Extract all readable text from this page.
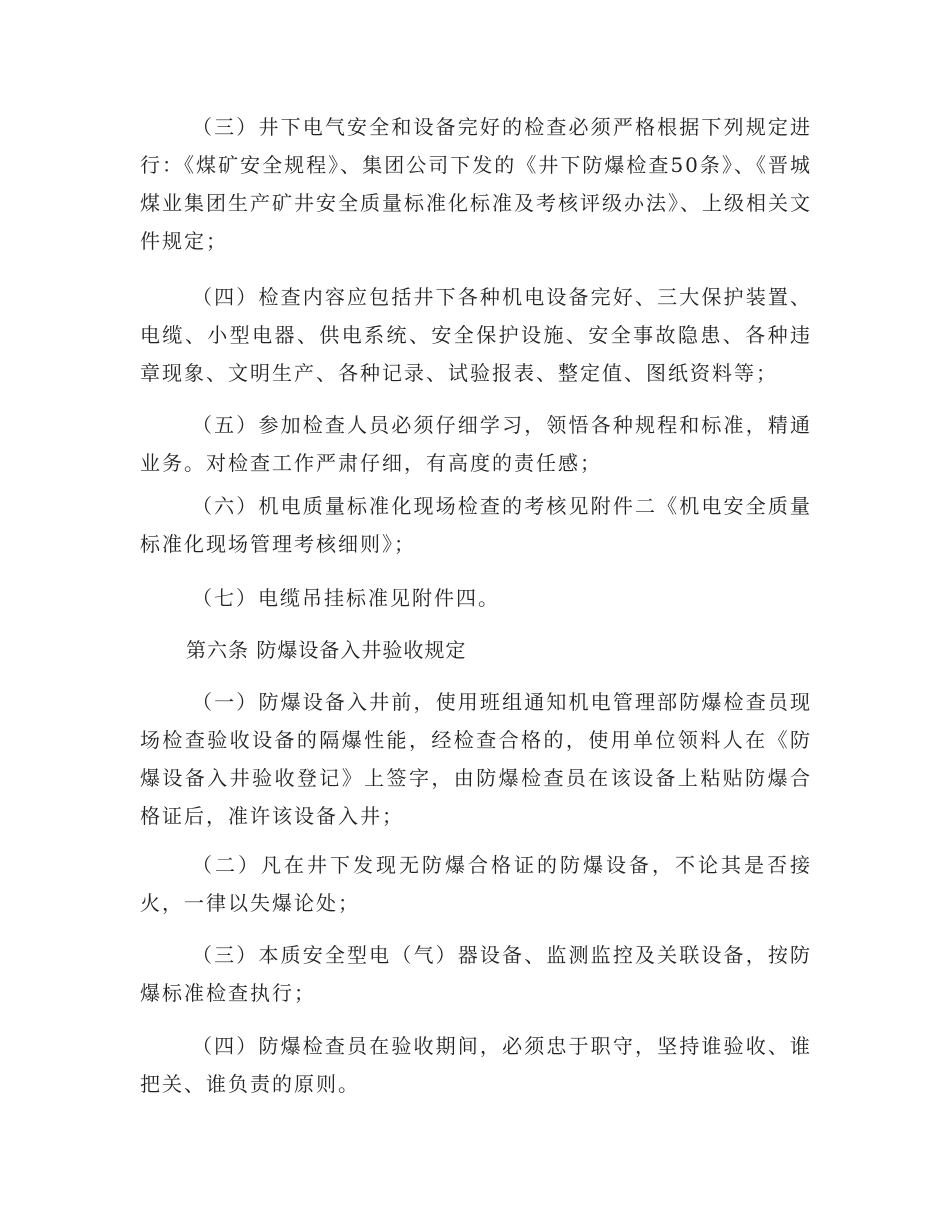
（三）井下电气安全和设备完好的检查必须严格根据下列规定进行：《煤矿安全规程》、集团公司下发的《井下防爆检查50条》、《晋城煤业集团生产矿井安全质量标准化标准及考核评级办法》、上级相关文件规定；

（四）检查内容应包括井下各种机电设备完好、三大保护装置、电缆、小型电器、供电系统、安全保护设施、安全事故隐患、各种违章现象、文明生产、各种记录、试验报表、整定值、图纸资料等；

（五）参加检查人员必须仔细学习，领悟各种规程和标准，精通业务。对检查工作严肃仔细，有高度的责任感；

（六）机电质量标准化现场检查的考核见附件二《机电安全质量标准化现场管理考核细则》；

（七）电缆吊挂标准见附件四。

第六条 防爆设备入井验收规定

（一）防爆设备入井前，使用班组通知机电管理部防爆检查员现场检查验收设备的隔爆性能，经检查合格的，使用单位领料人在《防爆设备入井验收登记》上签字，由防爆检查员在该设备上粘贴防爆合格证后，准许该设备入井；

（二）凡在井下发现无防爆合格证的防爆设备，不论其是否接火，一律以失爆论处；

（三）本质安全型电（气）器设备、监测监控及关联设备，按防爆标准检查执行；

（四）防爆检查员在验收期间，必须忠于职守，坚持谁验收、谁把关、谁负责的原则。
